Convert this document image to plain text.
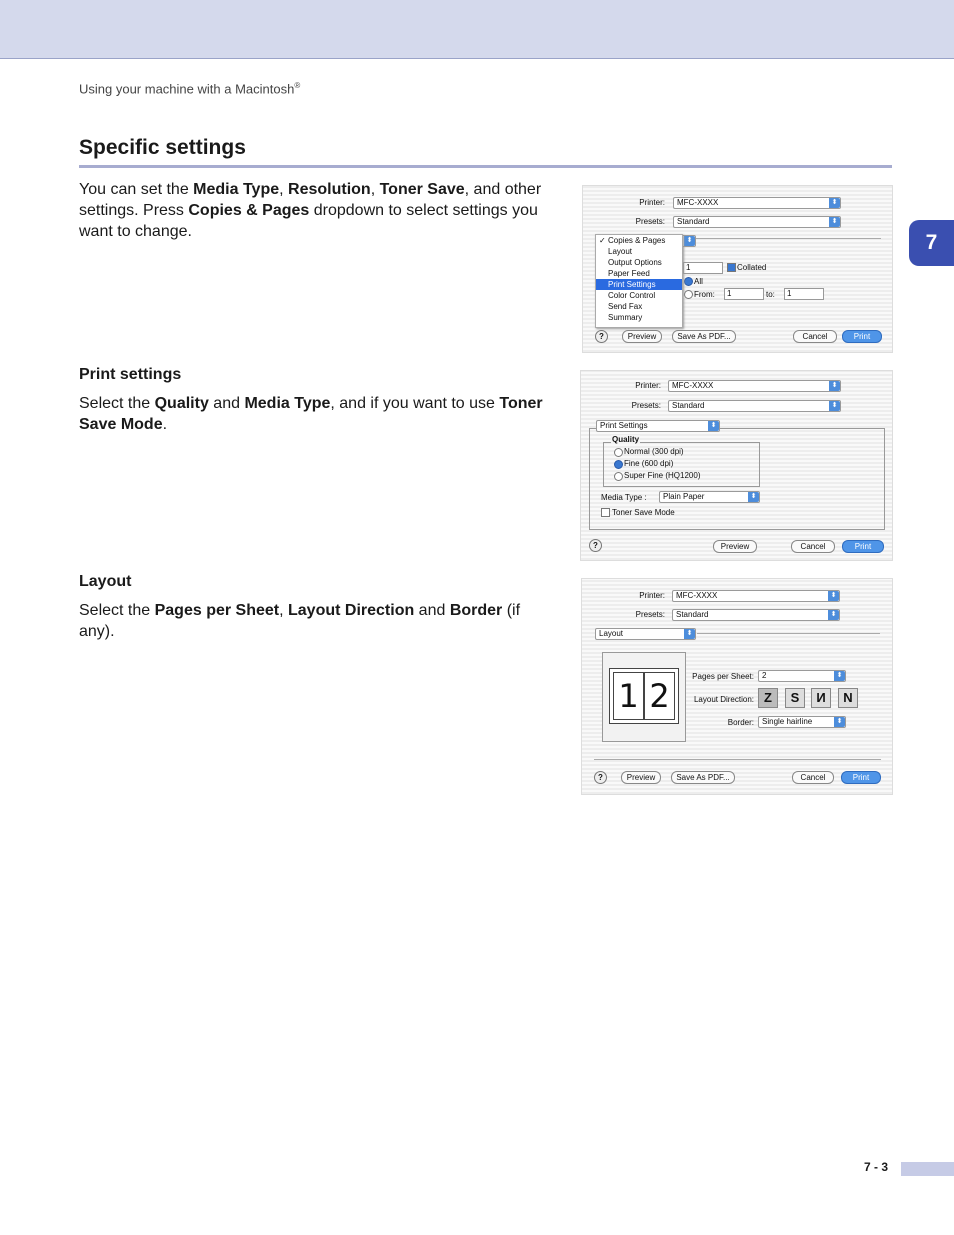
Using your machine with a Macintosh®
Specific settings
7

You can set the Media Type, Resolution, Toner Save, and other settings. Press Copies & Pages dropdown to select settings you want to change.

Print settings

Select the Quality and Media Type, and if you want to use Toner Save Mode.

Layout

Select the Pages per Sheet, Layout Direction and Border (if any).

Printer:	MFC-XXXX	⬍
Presets:	Standard	⬍
⬍
1	Collated
All
From:	1	to:	1
✓ Copies & Pages
Layout
Output Options
Paper Feed
Print Settings
Color Control
Send Fax
Summary
?	Preview	Save As PDF...	Cancel	Print
Printer:	MFC-XXXX	⬍
Presets:	Standard	⬍
Print Settings	⬍
Quality
Normal (300 dpi)
Fine (600 dpi)
Super Fine (HQ1200)
Media Type :	Plain Paper	⬍
Toner Save Mode
?	Preview	Cancel	Print
Printer:	MFC-XXXX	⬍
Presets:	Standard	⬍
Layout	⬍
1 2
Pages per Sheet:	2	⬍
Layout Direction: Z	S	И	N
Border:	Single hairline	⬍
?	Preview	Save As PDF...	Cancel	Print
7 - 3
